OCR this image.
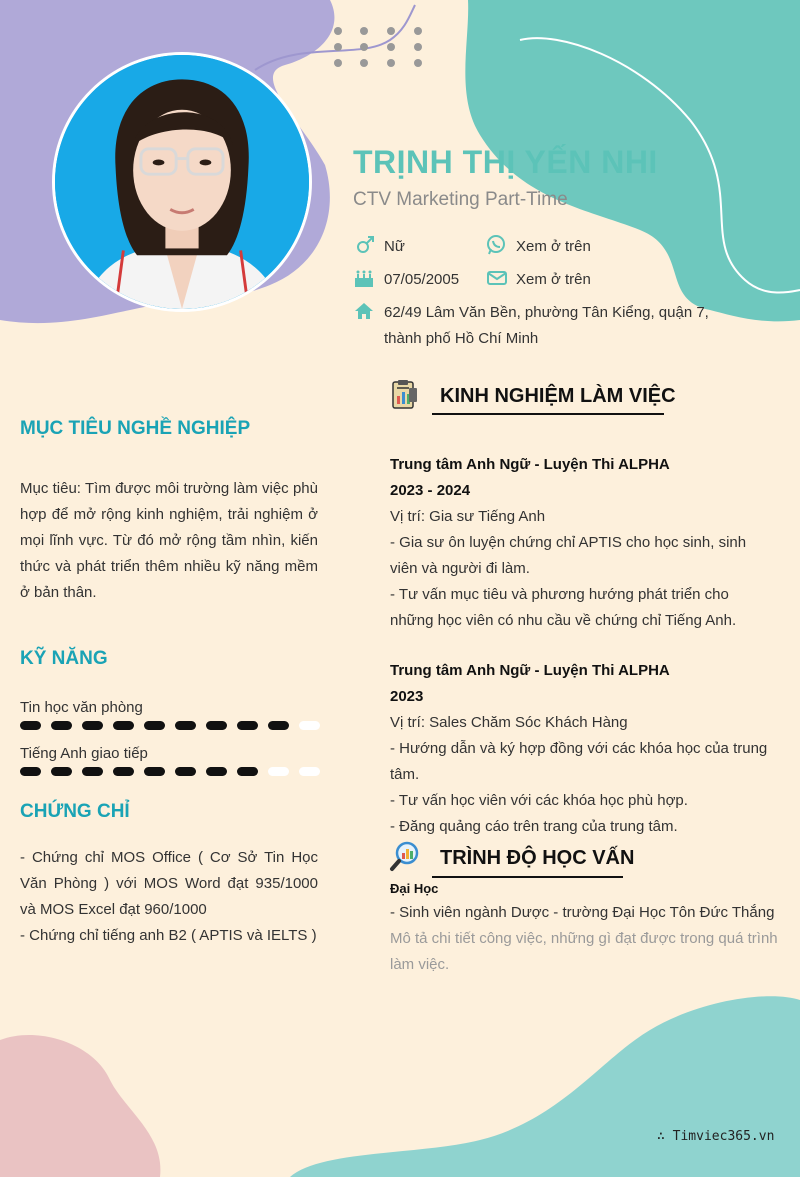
TRỊNH THỊ YẾN NHI
CTV Marketing Part-Time
Nữ	Xem ở trên
07/05/2005	Xem ở trên
62/49 Lâm Văn Bền, phường Tân Kiểng, quận 7, thành phố Hồ Chí Minh
MỤC TIÊU NGHỀ NGHIỆP
Mục tiêu: Tìm được môi trường làm việc phù hợp để mở rộng kinh nghiệm, trải nghiệm ở mọi lĩnh vực. Từ đó mở rộng tầm nhìn, kiến thức và phát triển thêm nhiều kỹ năng mềm ở bản thân.
KỸ NĂNG
Tin học văn phòng
Tiếng Anh giao tiếp
CHỨNG CHỈ
- Chứng chỉ MOS Office ( Cơ Sở Tin Học Văn Phòng ) với MOS Word đạt 935/1000 và MOS Excel đạt 960/1000
- Chứng chỉ tiếng anh B2 ( APTIS và IELTS )
KINH NGHIỆM LÀM VIỆC

Trung tâm Anh Ngữ - Luyện Thi ALPHA

2023 - 2024

Vị trí: Gia sư Tiếng Anh

- Gia sư ôn luyện chứng chỉ APTIS cho học sinh, sinh viên và người đi làm.

- Tư vấn mục tiêu và phương hướng phát triển cho những học viên có nhu cầu về chứng chỉ Tiếng Anh.

Trung tâm Anh Ngữ - Luyện Thi ALPHA

2023

Vị trí: Sales Chăm Sóc Khách Hàng

- Hướng dẫn và ký hợp đồng với các khóa học của trung tâm.

- Tư vấn học viên với các khóa học phù hợp.

- Đăng quảng cáo trên trang của trung tâm.

TRÌNH ĐỘ HỌC VẤN

Đại Học

- Sinh viên ngành Dược - trường Đại Học Tôn Đức Thắng

Mô tả chi tiết công việc, những gì đạt được trong quá trình làm việc.

∴ Timviec365.vn
